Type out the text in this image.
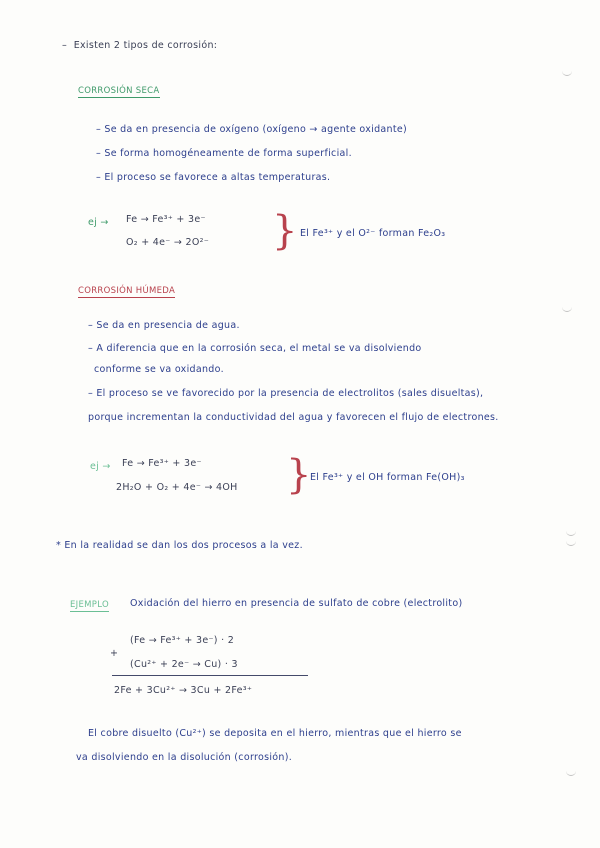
– Existen 2 tipos de corrosión:
CORROSIÓN SECA
– Se da en presencia de oxígeno (oxígeno → agente oxidante)
– Se forma homogéneamente de forma superficial.
– El proceso se favorece a altas temperaturas.
ej → Fe → Fe³⁺ + 3e⁻
O₂ + 4e⁻ → 2O²⁻ } El Fe³⁺ y el O²⁻ forman Fe₂O₃
CORROSIÓN HÚMEDA
– Se da en presencia de agua.
– A diferencia que en la corrosión seca, el metal se va disolviendo
conforme se va oxidando.
– El proceso se ve favorecido por la presencia de electrolitos (sales disueltas),
porque incrementan la conductividad del agua y favorecen el flujo de electrones.
ej → Fe → Fe³⁺ + 3e⁻
2H₂O + O₂ + 4e⁻ → 4OH }
El Fe³⁺ y el OH forman Fe(OH)₃
* En la realidad se dan los dos procesos a la vez.
EJEMPLO Oxidación del hierro en presencia de sulfato de cobre (electrolito)
(Fe → Fe³⁺ + 3e⁻) · 2
+
(Cu²⁺ + 2e⁻ → Cu) · 3
2Fe + 3Cu²⁺ → 3Cu + 2Fe³⁺
El cobre disuelto (Cu²⁺) se deposita en el hierro, mientras que el hierro se
va disolviendo en la disolución (corrosión).
